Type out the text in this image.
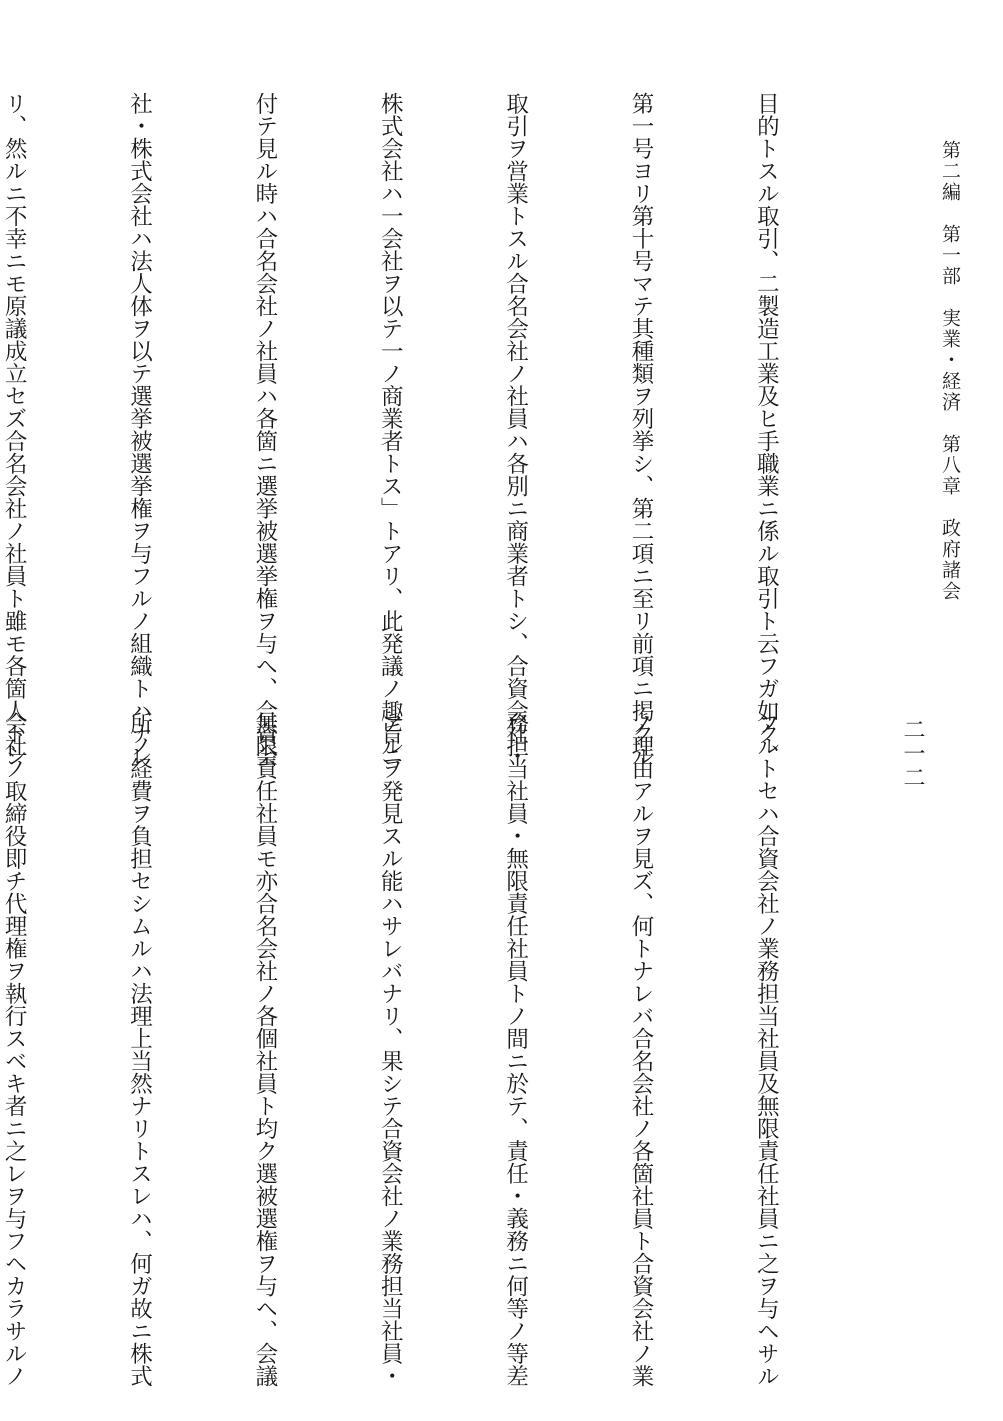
第二編　第一部　実業・経済　第八章　政府諸会
二一二

目的トスル取引、二製造工業及ヒ手職業ニ係ル取引ト云フガ如ク、

第一号ヨリ第十号マテ其種類ヲ列挙シ、第二項ニ至リ前項ニ掲クル

取引ヲ営業トスル合名会社ノ社員ハ各別ニ商業者トシ、合資会社・

株式会社ハ一会社ヲ以テ一ノ商業者トス」トアリ、此発議ノ趣旨ニ

付テ見ル時ハ合名会社ノ社員ハ各箇ニ選挙被選挙権ヲ与ヘ、合資会

社・株式会社ハ法人体ヲ以テ選挙被選挙権ヲ与フルノ組織トハナレ

リ、然ルニ不幸ニモ原議成立セズ合名会社ノ社員ト雖モ各箇人トシ

フルトセハ合資会社ノ業務担当社員及無限責任社員ニ之ヲ与ヘサル

ノ理由アルヲ見ズ、何トナレバ合名会社ノ各箇社員ト合資会社ノ業

務担当社員・無限責任社員トノ間ニ於テ、責任・義務ニ何等ノ等差

アルヲ発見スル能ハサレバナリ、果シテ合資会社ノ業務担当社員・

無限責任社員モ亦合名会社ノ各個社員ト均ク選被選権ヲ与ヘ、会議

所ノ経費ヲ負担セシムルハ法理上当然ナリトスレハ、何ガ故ニ株式

会社ノ取締役即チ代理権ヲ執行スベキ者ニ之レヲ与フヘカラサルノ
